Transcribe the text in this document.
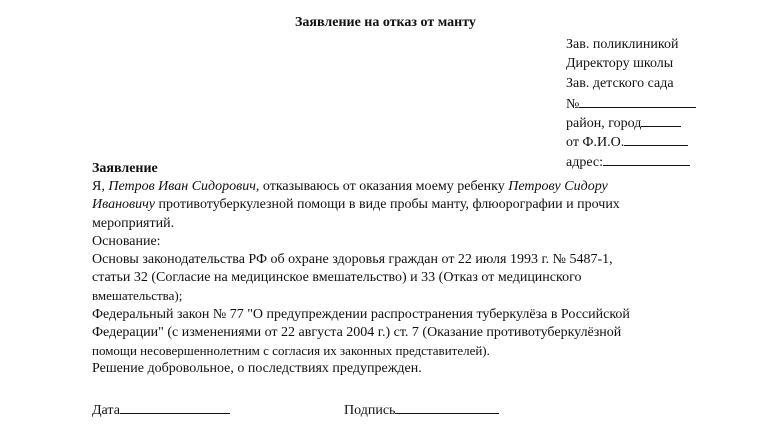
Заявление на отказ от манту
Зав. поликлиникой
Директору школы
Зав. детского сада
№
район, город
от Ф.И.О.
адрес:
Заявление
Я, Петров Иван Сидорович, отказываюсь от оказания моему ребенку Петрову Сидору
Ивановичу противотуберкулезной помощи в виде пробы манту, флюорографии и прочих
мероприятий.
Основание:
Основы законодательства РФ об охране здоровья граждан от 22 июля 1993 г. № 5487-1,
статьи 32 (Согласие на медицинское вмешательство) и 33 (Отказ от медицинского
вмешательства);
Федеральный закон № 77 "О предупреждении распространения туберкулёза в Российской
Федерации" (с изменениями от 22 августа 2004 г.) ст. 7 (Оказание противотуберкулёзной
помощи несовершеннолетним с согласия их законных представителей).
Решение добровольное, о последствиях предупрежден.
Дата	Подпись
